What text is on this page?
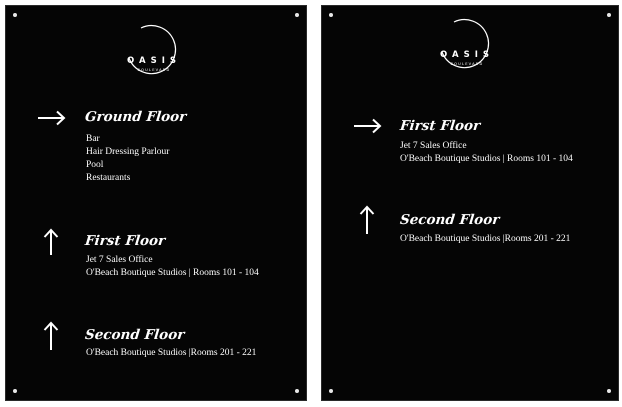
OASIS
BOULEVARD
Ground Floor
Bar
Hair Dressing Parlour
Pool
Restaurants
First Floor
Jet 7 Sales Office
O'Beach Boutique Studios | Rooms 101 - 104
Second Floor
O'Beach Boutique Studios |Rooms 201 - 221
OASIS
BOULEVARD
First Floor
Jet 7 Sales Office
O'Beach Boutique Studios | Rooms 101 - 104
Second Floor
O'Beach Boutique Studios |Rooms 201 - 221
